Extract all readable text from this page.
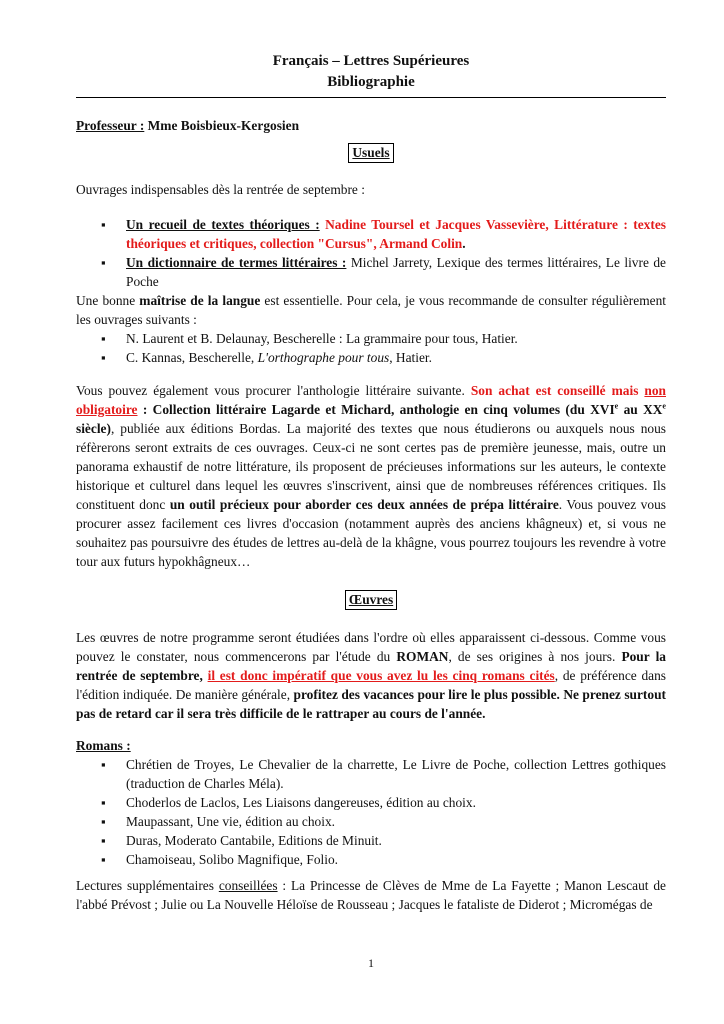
Français – Lettres Supérieures
Bibliographie
Professeur : Mme Boisbieux-Kergosien
Usuels
Ouvrages indispensables dès la rentrée de septembre :
▪ Un recueil de textes théoriques : Nadine Toursel et Jacques Vassevière, Littérature : textes théoriques et critiques, collection "Cursus", Armand Colin.
▪ Un dictionnaire de termes littéraires : Michel Jarrety, Lexique des termes littéraires, Le livre de Poche
Une bonne maîtrise de la langue est essentielle. Pour cela, je vous recommande de consulter régulièrement les ouvrages suivants :
▪ N. Laurent et B. Delaunay, Bescherelle : La grammaire pour tous, Hatier.
▪ C. Kannas, Bescherelle, L'orthographe pour tous, Hatier.
Vous pouvez également vous procurer l'anthologie littéraire suivante. Son achat est conseillé mais non obligatoire : Collection littéraire Lagarde et Michard, anthologie en cinq volumes (du XVIe au XXe siècle), publiée aux éditions Bordas. La majorité des textes que nous étudierons ou auxquels nous nous réfèrerons seront extraits de ces ouvrages. Ceux-ci ne sont certes pas de première jeunesse, mais, outre un panorama exhaustif de notre littérature, ils proposent de précieuses informations sur les auteurs, le contexte historique et culturel dans lequel les œuvres s'inscrivent, ainsi que de nombreuses références critiques. Ils constituent donc un outil précieux pour aborder ces deux années de prépa littéraire. Vous pouvez vous procurer assez facilement ces livres d'occasion (notamment auprès des anciens khâgneux) et, si vous ne souhaitez pas poursuivre des études de lettres au-delà de la khâgne, vous pourrez toujours les revendre à votre tour aux futurs hypokhâgneux…
Œuvres
Les œuvres de notre programme seront étudiées dans l'ordre où elles apparaissent ci-dessous. Comme vous pouvez le constater, nous commencerons par l'étude du ROMAN, de ses origines à nos jours. Pour la rentrée de septembre, il est donc impératif que vous avez lu les cinq romans cités, de préférence dans l'édition indiquée. De manière générale, profitez des vacances pour lire le plus possible. Ne prenez surtout pas de retard car il sera très difficile de le rattraper au cours de l'année.
Romans :
▪ Chrétien de Troyes, Le Chevalier de la charrette, Le Livre de Poche, collection Lettres gothiques (traduction de Charles Méla).
▪ Choderlos de Laclos, Les Liaisons dangereuses, édition au choix.
▪ Maupassant, Une vie, édition au choix.
▪ Duras, Moderato Cantabile, Editions de Minuit.
▪ Chamoiseau, Solibo Magnifique, Folio.
Lectures supplémentaires conseillées : La Princesse de Clèves de Mme de La Fayette ; Manon Lescaut de l'abbé Prévost ; Julie ou La Nouvelle Héloïse de Rousseau ; Jacques le fataliste de Diderot ; Micromégas de
1
